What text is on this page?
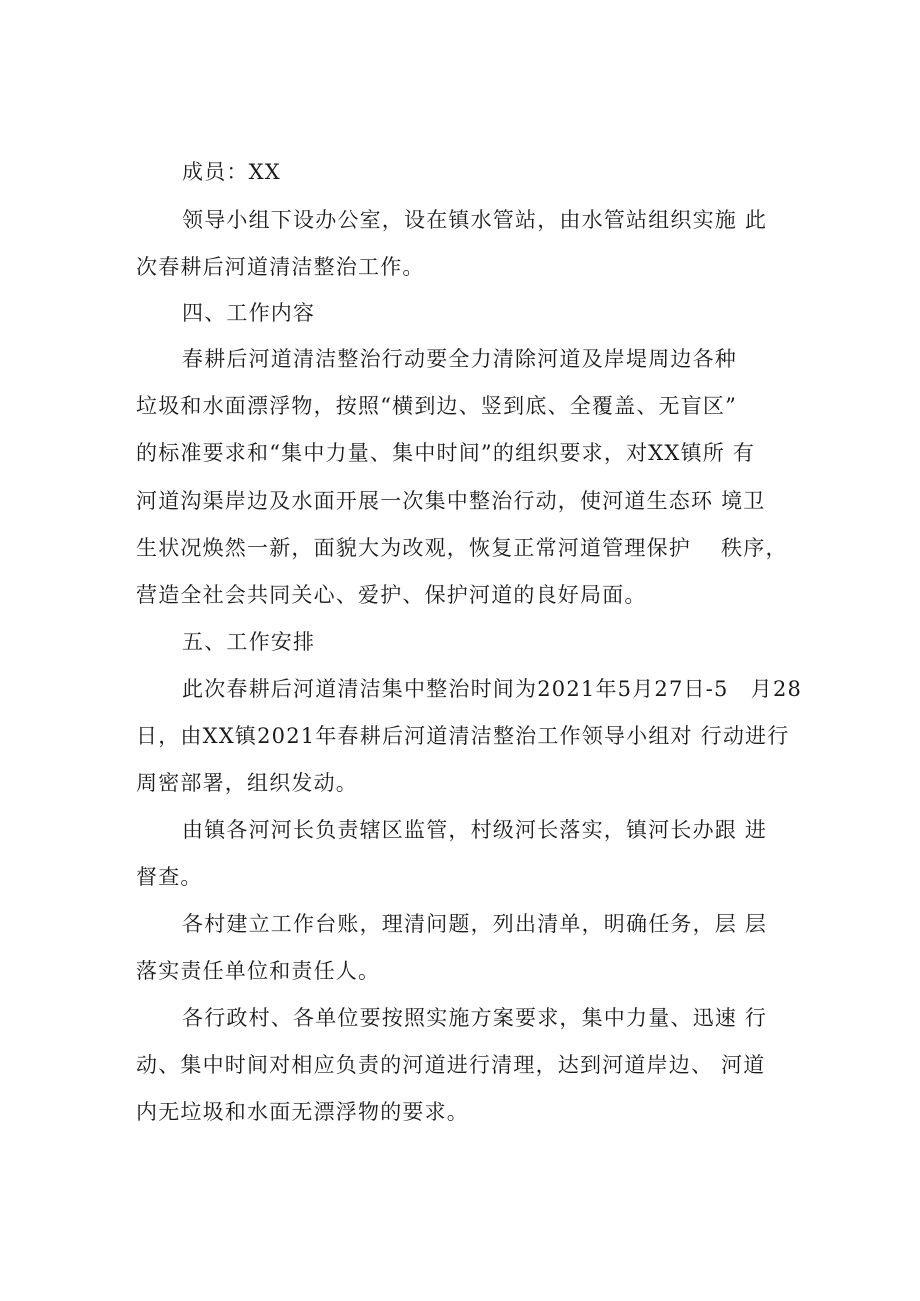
成员：XX
领导小组下设办公室，设在镇水管站，由水管站组织实施 此
次春耕后河道清洁整治工作。
四、工作内容
春耕后河道清洁整治行动要全力清除河道及岸堤周边各种
垃圾和水面漂浮物，按照“横到边、竖到底、全覆盖、无盲区”
的标准要求和“集中力量、集中时间”的组织要求，对XX镇所 有
河道沟渠岸边及水面开展一次集中整治行动，使河道生态环 境卫
生状况焕然一新，面貌大为改观，恢复正常河道管理保护　 秩序，
营造全社会共同关心、爱护、保护河道的良好局面。
五、工作安排
此次春耕后河道清洁集中整治时间为2021年5月27日-5　月28
日，由XX镇2021年春耕后河道清洁整治工作领导小组对 行动进行
周密部署，组织发动。
由镇各河河长负责辖区监管，村级河长落实，镇河长办跟 进
督查。
各村建立工作台账，理清问题，列出清单，明确任务，层 层
落实责任单位和责任人。
各行政村、各单位要按照实施方案要求，集中力量、迅速 行
动、集中时间对相应负责的河道进行清理，达到河道岸边、 河道
内无垃圾和水面无漂浮物的要求。
